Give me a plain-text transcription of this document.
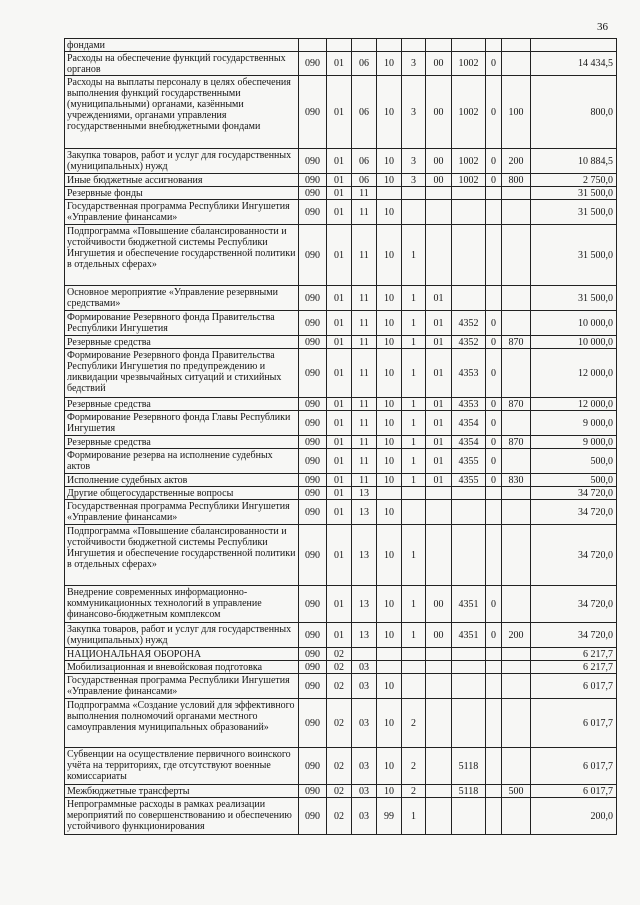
36
фондами										
Расходы на обеспечение функций государственных органов	090	01	06	10	3	00	1002	0		14 434,5
Расходы на выплаты персоналу в целях обеспечения выполнения функций государственными (муниципальными) органами, казёнными учреждениями, органами управления государственными внебюджетными фондами	090	01	06	10	3	00	1002	0	100	800,0
Закупка товаров, работ и услуг для государственных (муниципальных) нужд	090	01	06	10	3	00	1002	0	200	10 884,5
Иные бюджетные ассигнования	090	01	06	10	3	00	1002	0	800	2 750,0
Резервные фонды	090	01	11							31 500,0
Государственная программа Республики Ингушетия «Управление финансами»	090	01	11	10						31 500,0
Подпрограмма «Повышение сбалансированности и устойчивости бюджетной системы Республики Ингушетия и обеспечение государственной политики в отдельных сферах»	090	01	11	10	1					31 500,0
Основное мероприятие «Управление резервными средствами»	090	01	11	10	1	01				31 500,0
Формирование Резервного фонда Правительства Республики Ингушетия	090	01	11	10	1	01	4352	0		10 000,0
Резервные средства	090	01	11	10	1	01	4352	0	870	10 000,0
Формирование Резервного фонда Правительства Республики Ингушетия по предупреждению и ликвидации чрезвычайных ситуаций и стихийных бедствий	090	01	11	10	1	01	4353	0		12 000,0
Резервные средства	090	01	11	10	1	01	4353	0	870	12 000,0
Формирование Резервного фонда Главы Республики Ингушетия	090	01	11	10	1	01	4354	0		9 000,0
Резервные средства	090	01	11	10	1	01	4354	0	870	9 000,0
Формирование резерва на исполнение судебных актов	090	01	11	10	1	01	4355	0		500,0
Исполнение судебных актов	090	01	11	10	1	01	4355	0	830	500,0
Другие общегосударственные вопросы	090	01	13							34 720,0
Государственная программа Республики Ингушетия «Управление финансами»	090	01	13	10						34 720,0
Подпрограмма «Повышение сбалансированности и устойчивости бюджетной системы Республики Ингушетия и обеспечение государственной политики в отдельных сферах»	090	01	13	10	1					34 720,0
Внедрение современных информационно-коммуникационных технологий в управление финансово-бюджетным комплексом	090	01	13	10	1	00	4351	0		34 720,0
Закупка товаров, работ и услуг для государственных (муниципальных) нужд	090	01	13	10	1	00	4351	0	200	34 720,0
НАЦИОНАЛЬНАЯ ОБОРОНА	090	02								6 217,7
Мобилизационная и вневойсковая подготовка	090	02	03							6 217,7
Государственная программа Республики Ингушетия «Управление финансами»	090	02	03	10						6 017,7
Подпрограмма «Создание условий для эффективного выполнения полномочий органами местного самоуправления муниципальных образований»	090	02	03	10	2					6 017,7
Субвенции на осуществление первичного воинского учёта на территориях, где отсутствуют военные комиссариаты	090	02	03	10	2		5118			6 017,7
Межбюджетные трансферты	090	02	03	10	2		5118		500	6 017,7
Непрограммные расходы в рамках реализации мероприятий по совершенствованию и обеспечению устойчивого функционирования	090	02	03	99	1					200,0
